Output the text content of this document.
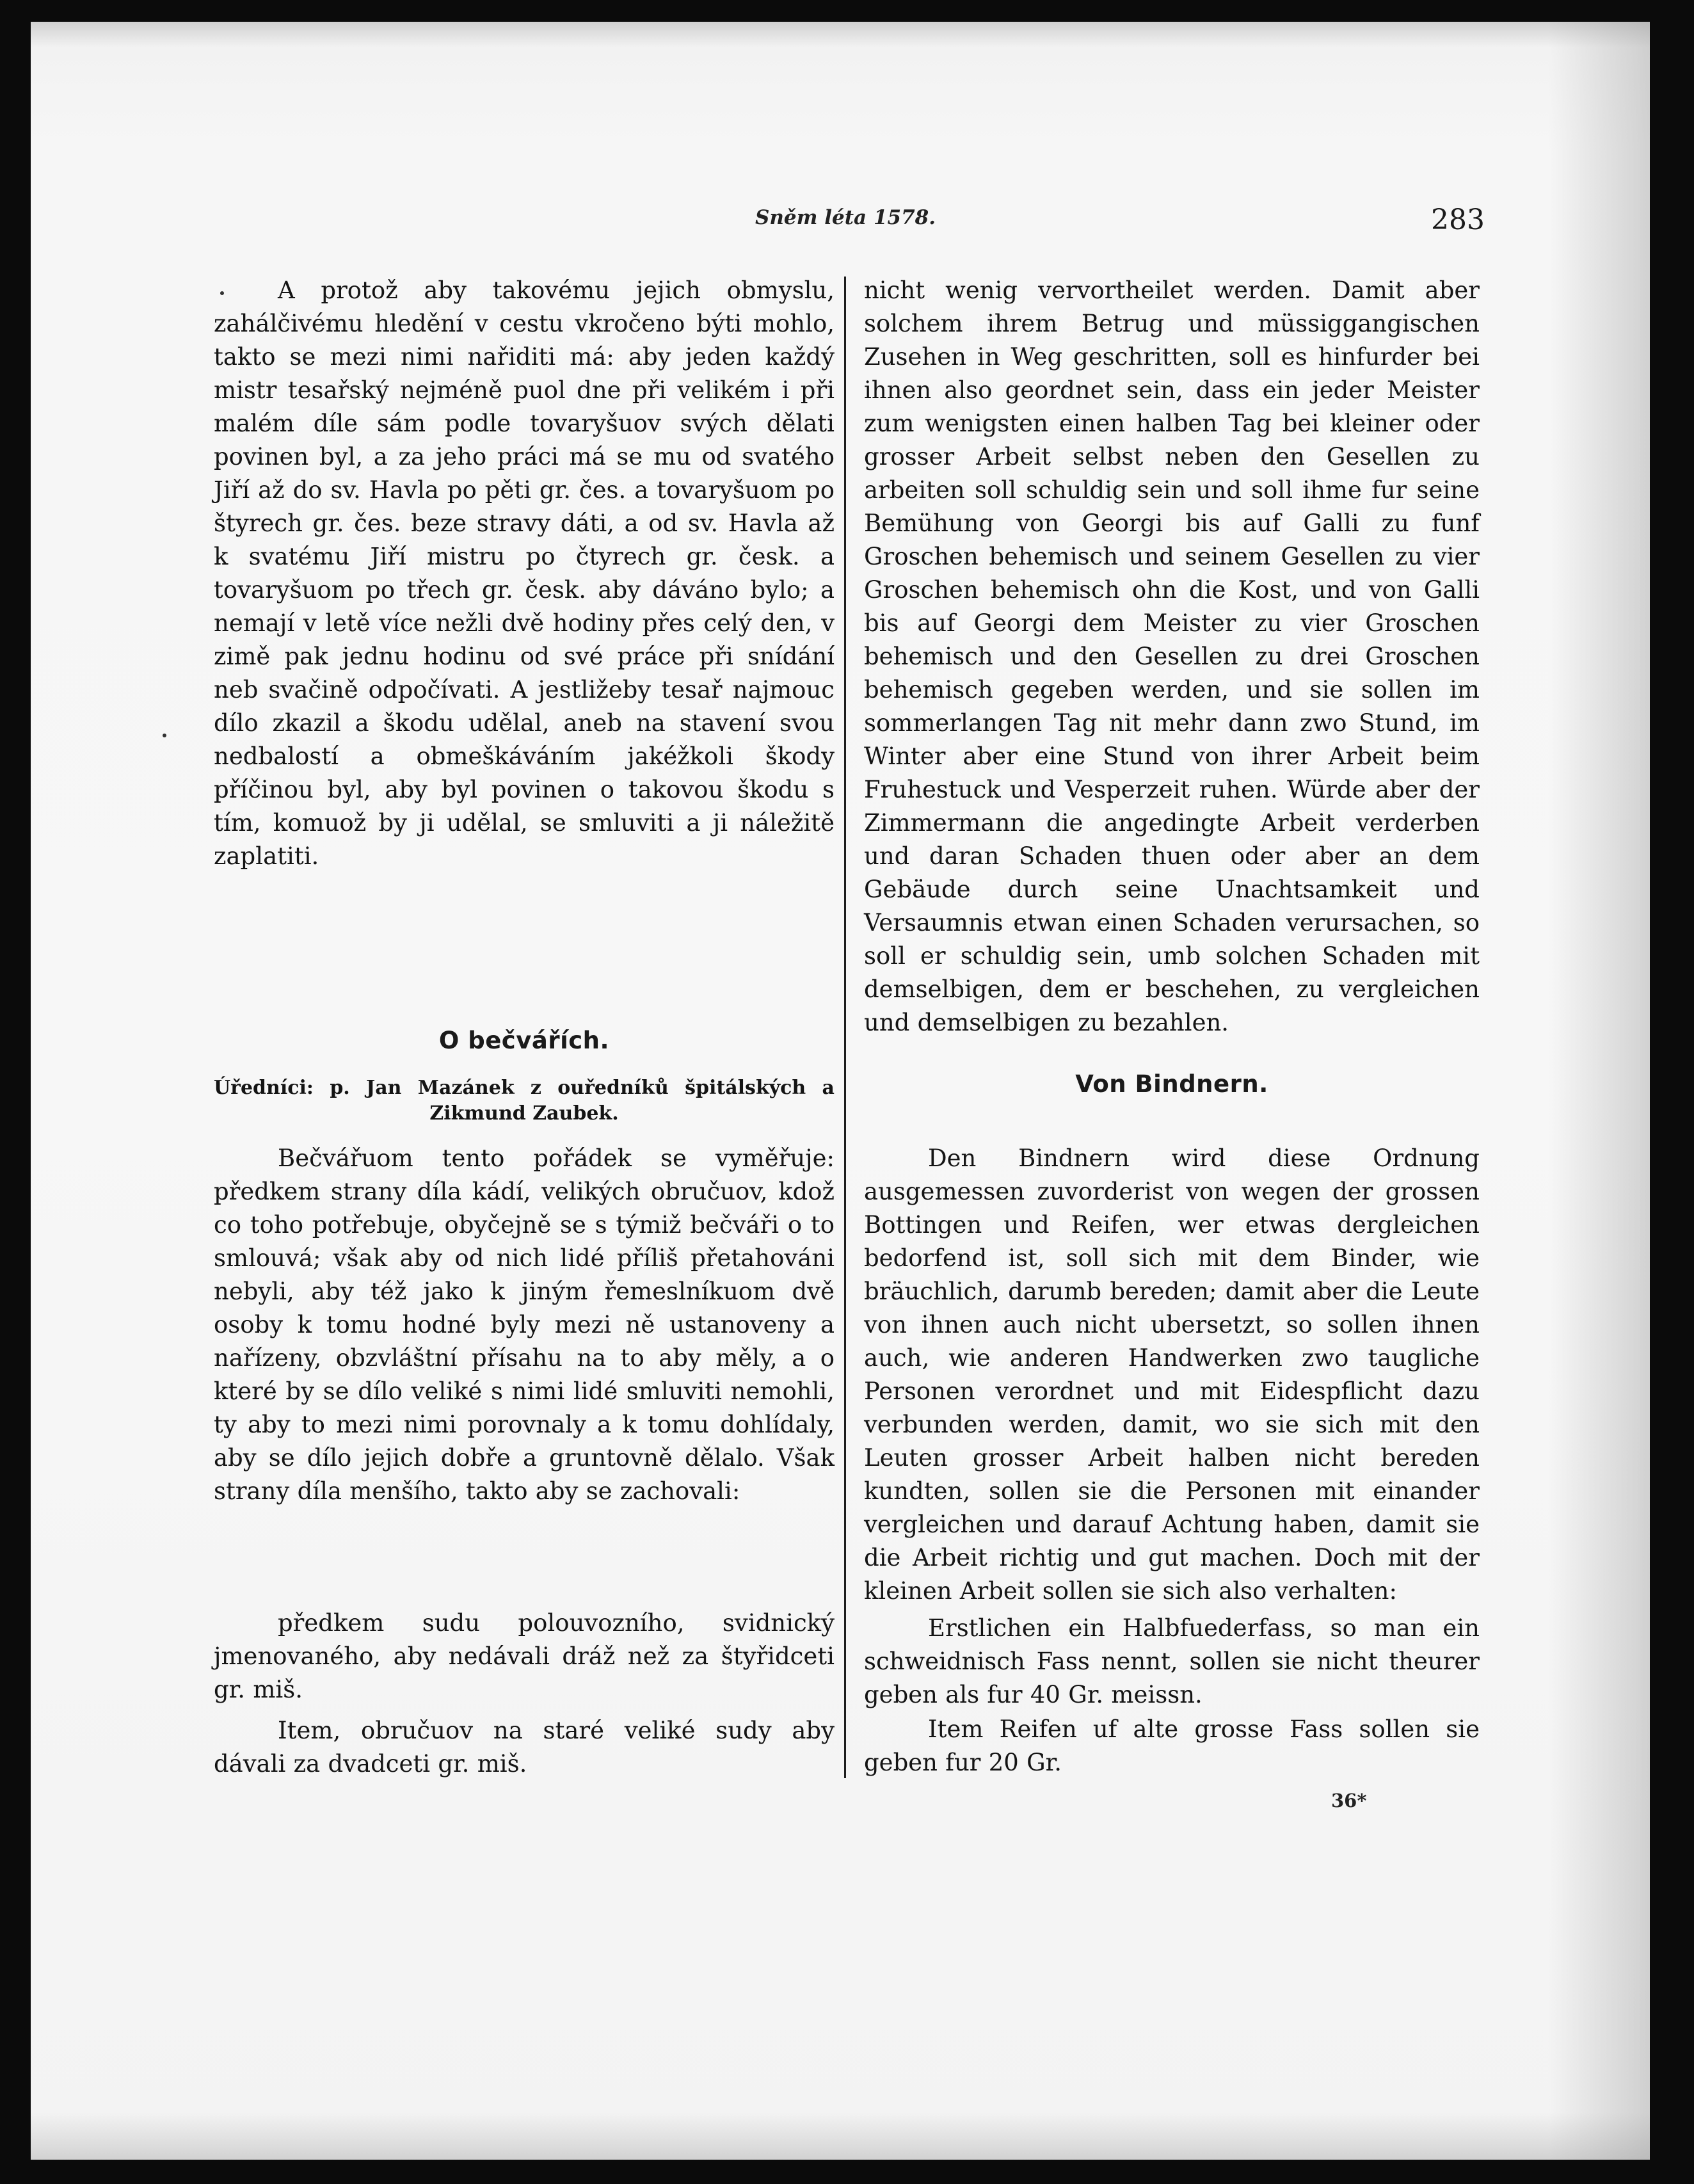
Sněm léta 1578.	283

A protož aby takovému jejich obmyslu, zahálčivému hledění v cestu vkročeno býti mohlo, takto se mezi nimi nařiditi má: aby jeden každý mistr tesařský nejméně puol dne při velikém i při malém díle sám podle tovaryšuov svých dělati povinen byl, a za jeho práci má se mu od svatého Jiří až do sv. Havla po pěti gr. čes. a tovaryšuom po štyrech gr. čes. beze stravy dáti, a od sv. Havla až k svatému Jiří mistru po čtyrech gr. česk. a tovaryšuom po třech gr. česk. aby dáváno bylo; a nemají v letě více nežli dvě hodiny přes celý den, v zimě pak jednu hodinu od své práce při snídání neb svačině odpočívati. A jestližeby tesař najmouc dílo zkazil a škodu udělal, aneb na stavení svou nedbalostí a obmeškáváním jakéžkoli škody příčinou byl, aby byl povinen o takovou škodu s tím, komuož by ji udělal, se smluviti a ji náležitě zaplatiti.

O bečvářích.

Úředníci: p. Jan Mazánek z ouředníků špitálských a Zikmund Zaubek.

Bečvářuom tento pořádek se vyměřuje: předkem strany díla kádí, velikých obručuov, kdož co toho potřebuje, obyčejně se s týmiž bečváři o to smlouvá; však aby od nich lidé příliš přetahováni nebyli, aby též jako k jiným řemeslníkuom dvě osoby k tomu hodné byly mezi ně ustanoveny a nařízeny, obzvláštní přísahu na to aby měly, a o které by se dílo veliké s nimi lidé smluviti nemohli, ty aby to mezi nimi porovnaly a k tomu dohlídaly, aby se dílo jejich dobře a gruntovně dělalo. Však strany díla menšího, takto aby se zachovali:

předkem sudu polouvozního, svidnický jmenovaného, aby nedávali dráž než za štyřidceti gr. miš.

Item, obručuov na staré veliké sudy aby dávali za dvadceti gr. miš.

nicht wenig vervortheilet werden. Damit aber solchem ihrem Betrug und müssiggangischen Zusehen in Weg geschritten, soll es hinfurder bei ihnen also geordnet sein, dass ein jeder Meister zum wenigsten einen halben Tag bei kleiner oder grosser Arbeit selbst neben den Gesellen zu arbeiten soll schuldig sein und soll ihme fur seine Bemühung von Georgi bis auf Galli zu funf Groschen behemisch und seinem Gesellen zu vier Groschen behemisch ohn die Kost, und von Galli bis auf Georgi dem Meister zu vier Groschen behemisch und den Gesellen zu drei Groschen behemisch gegeben werden, und sie sollen im sommerlangen Tag nit mehr dann zwo Stund, im Winter aber eine Stund von ihrer Arbeit beim Fruhestuck und Vesperzeit ruhen. Würde aber der Zimmermann die angedingte Arbeit verderben und daran Schaden thuen oder aber an dem Gebäude durch seine Unachtsamkeit und Versaumnis etwan einen Schaden verursachen, so soll er schuldig sein, umb solchen Schaden mit demselbigen, dem er beschehen, zu vergleichen und demselbigen zu bezahlen.

Von Bindnern.

Den Bindnern wird diese Ordnung ausgemessen zuvorderist von wegen der grossen Bottingen und Reifen, wer etwas dergleichen bedorfend ist, soll sich mit dem Binder, wie bräuchlich, darumb bereden; damit aber die Leute von ihnen auch nicht ubersetzt, so sollen ihnen auch, wie anderen Handwerken zwo taugliche Personen verordnet und mit Eidespflicht dazu verbunden werden, damit, wo sie sich mit den Leuten grosser Arbeit halben nicht bereden kundten, sollen sie die Personen mit einander vergleichen und darauf Achtung haben, damit sie die Arbeit richtig und gut machen. Doch mit der kleinen Arbeit sollen sie sich also verhalten:

Erstlichen ein Halbfuederfass, so man ein schweidnisch Fass nennt, sollen sie nicht theurer geben als fur 40 Gr. meissn.

Item Reifen uf alte grosse Fass sollen sie geben fur 20 Gr.

36*
